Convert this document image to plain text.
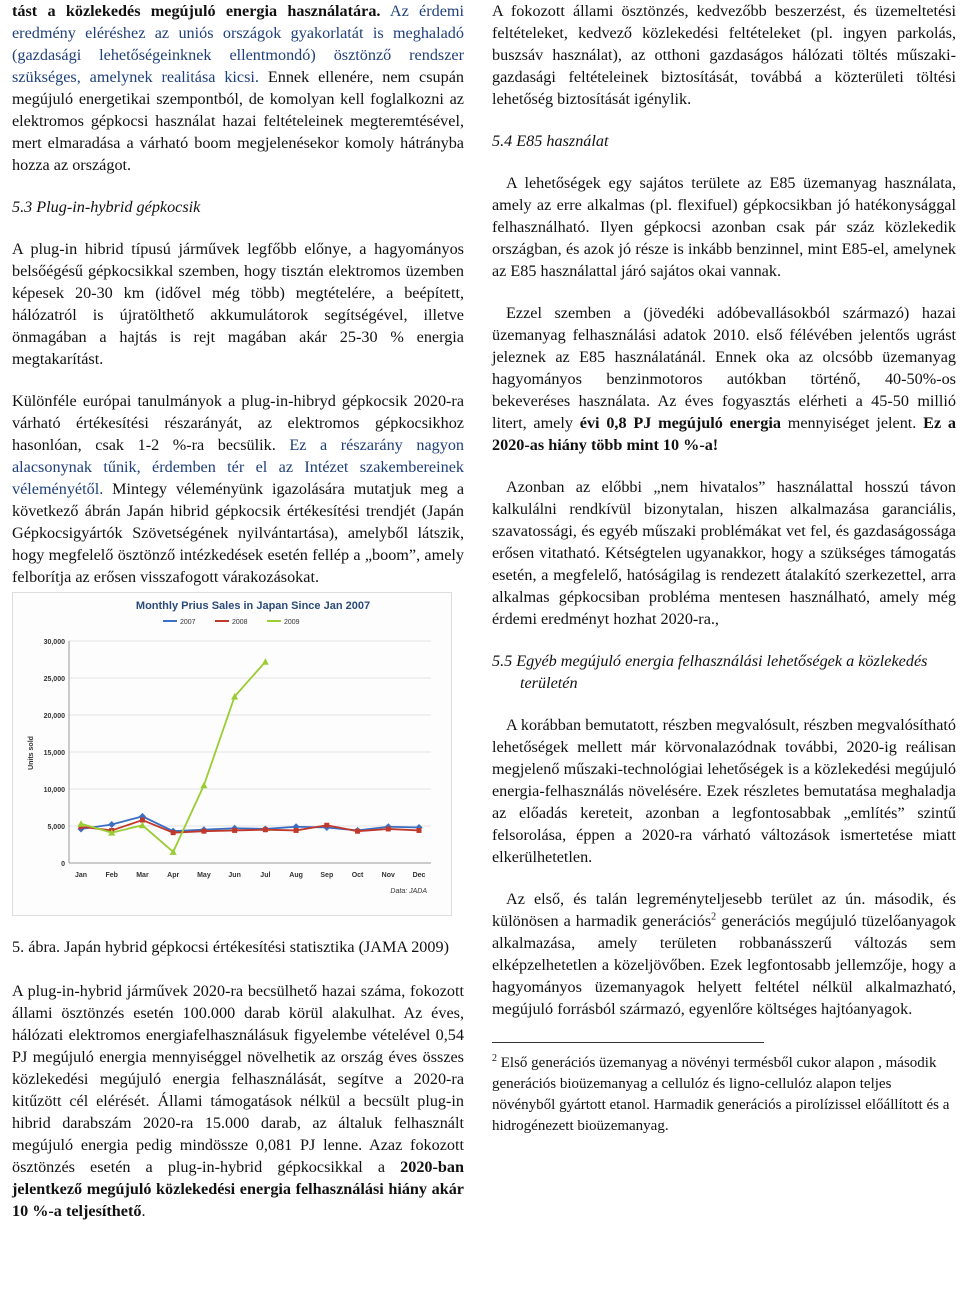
tást a közlekedés megújuló energia használatára. Az érdemi eredmény eléréshez az uniós országok gyakorlatát is meghaladó (gazdasági lehetőségeinknek ellentmondó) ösztönző rendszer szükséges, amelynek realitása kicsi. Ennek ellenére, nem csupán megújuló energetikai szempontból, de komolyan kell foglalkozni az elektromos gépkocsi használat hazai feltételeinek megteremtésével, mert elmaradása a várható boom megjelenésekor komoly hátrányba hozza az országot.

5.3 Plug-in-hybrid gépkocsik

A plug-in hibrid típusú járművek legfőbb előnye, a hagyományos belsőégésű gépkocsikkal szemben, hogy tisztán elektromos üzemben képesek 20-30 km (idővel még több) megtételére, a beépített, hálózatról is újratölthető akkumulátorok segítségével, illetve önmagában a hajtás is rejt magában akár 25-30 % energia megtakarítást.

Különféle európai tanulmányok a plug-in-hibryd gépkocsik 2020-ra várható értékesítési részarányát, az elektromos gépkocsikhoz hasonlóan, csak 1-2 %-ra becsülik. Ez a részarány nagyon alacsonynak tűnik, érdemben tér el az Intézet szakembereinek véleményétől. Mintegy véleményünk igazolására mutatjuk meg a következő ábrán Japán hibrid gépkocsik értékesítési trendjét (Japán Gépkocsigyártók Szövetségének nyilvántartása), amelyből látszik, hogy megfelelő ösztönző intézkedések esetén fellép a „boom”, amely felborítja az erősen visszafogott várakozásokat.

Monthly Prius Sales in Japan Since Jan 2007
2007	2008	2009
0
5,000
10,000
15,000
20,000
25,000
30,000
Units sold
Jan	Feb	Mar	Apr	May	Jun	Jul	Aug	Sep	Oct	Nov	Dec
Data: JADA

5. ábra. Japán hybrid gépkocsi értékesítési statisztika (JAMA 2009)

A plug-in-hybrid járművek 2020-ra becsülhető hazai száma, fokozott állami ösztönzés esetén 100.000 darab körül alakulhat. Az éves, hálózati elektromos energiafelhasználásuk figyelembe vételével 0,54 PJ megújuló energia mennyiséggel növelhetik az ország éves összes közlekedési megújuló energia felhasználását, segítve a 2020-ra kitűzött cél elérését. Állami támogatások nélkül a becsült plug-in hibrid darabszám 2020-ra 15.000 darab, az általuk felhasznált megújuló energia pedig mindössze 0,081 PJ lenne. Azaz fokozott ösztönzés esetén a plug-in-hybrid gépkocsikkal a 2020-ban jelentkező megújuló közlekedési energia felhasználási hiány akár 10 %-a teljesíthető.

A fokozott állami ösztönzés, kedvezőbb beszerzést, és üzemeltetési feltételeket, kedvező közlekedési feltételeket (pl. ingyen parkolás, buszsáv használat), az otthoni gazdaságos hálózati töltés műszaki-gazdasági feltételeinek biztosítását, továbbá a közterületi töltési lehetőség biztosítását igénylik.

5.4 E85 használat

A lehetőségek egy sajátos területe az E85 üzemanyag használata, amely az erre alkalmas (pl. flexifuel) gépkocsikban jó hatékonysággal felhasználható. Ilyen gépkocsi azonban csak pár száz közlekedik országban, és azok jó része is inkább benzinnel, mint E85-el, amelynek az E85 használattal járó sajátos okai vannak.

Ezzel szemben a (jövedéki adóbevallásokból származó) hazai üzemanyag felhasználási adatok 2010. első félévében jelentős ugrást jeleznek az E85 használatánál. Ennek oka az olcsóbb üzemanyag hagyományos benzinmotoros autókban történő, 40-50%-os bekeveréses használata. Az éves fogyasztás elérheti a 45-50 millió litert, amely évi 0,8 PJ megújuló energia mennyiséget jelent. Ez a 2020-as hiány több mint 10 %-a!

Azonban az előbbi „nem hivatalos” használattal hosszú távon kalkulálni rendkívül bizonytalan, hiszen alkalmazása garanciális, szavatossági, és egyéb műszaki problémákat vet fel, és gazdaságossága erősen vitatható. Kétségtelen ugyanakkor, hogy a szükséges támogatás esetén, a megfelelő, hatóságilag is rendezett átalakító szerkezettel, arra alkalmas gépkocsiban probléma mentesen használható, amely még érdemi eredményt hozhat 2020-ra.,

5.5 Egyéb megújuló energia felhasználási lehetőségek a közlekedés területén

A korábban bemutatott, részben megvalósult, részben megvalósítható lehetőségek mellett már körvonalazódnak további, 2020-ig reálisan megjelenő műszaki-technológiai lehetőségek is a közlekedési megújuló energia-felhasználás növelésére. Ezek részletes bemutatása meghaladja az előadás kereteit, azonban a legfontosabbak „említés” szintű felsorolása, éppen a 2020-ra várható változások ismertetése miatt elkerülhetetlen.

Az első, és talán legreményteljesebb terület az ún. második, és különösen a harmadik generációs$^2$ generációs megújuló tüzelőanyagok alkalmazása, amely területen robbanásszerű változás sem elképzelhetetlen a közeljövőben. Ezek legfontosabb jellemzője, hogy a hagyományos üzemanyagok helyett feltétel nélkül alkalmazható, megújuló forrásból származó, egyenlőre költséges hajtóanyagok.

$^2$ Első generációs üzemanyag a növényi termésből cukor alapon , második generációs bioüzemanyag a cellulóz és ligno-cellulóz alapon teljes növényből gyártott etanol. Harmadik generációs a pirolízissel előállított és a hidrogénezett bioüzemanyag.
